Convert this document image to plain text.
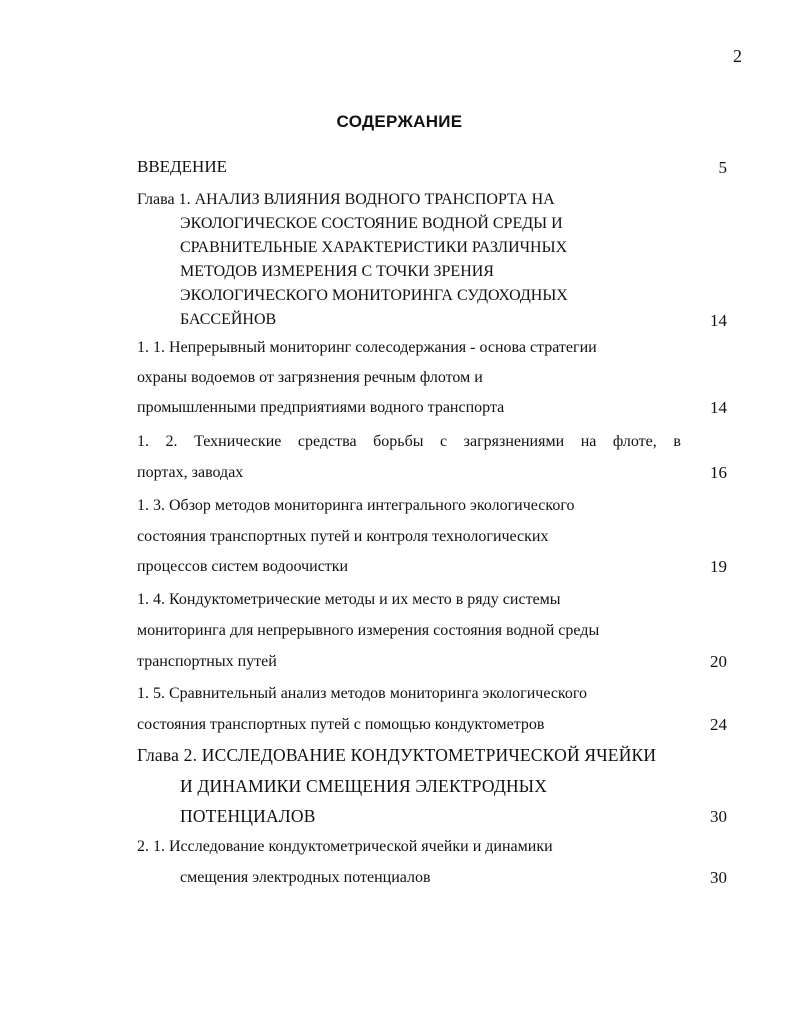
2
СОДЕРЖАНИЕ
ВВЕДЕНИЕ	5
Глава 1. АНАЛИЗ ВЛИЯНИЯ ВОДНОГО ТРАНСПОРТА НА
ЭКОЛОГИЧЕСКОЕ СОСТОЯНИЕ ВОДНОЙ СРЕДЫ И
СРАВНИТЕЛЬНЫЕ ХАРАКТЕРИСТИКИ РАЗЛИЧНЫХ
МЕТОДОВ ИЗМЕРЕНИЯ С ТОЧКИ ЗРЕНИЯ
ЭКОЛОГИЧЕСКОГО МОНИТОРИНГА СУДОХОДНЫХ
БАССЕЙНОВ	14
1. 1. Непрерывный мониторинг солесодержания - основа стратегии
охраны водоемов от загрязнения речным флотом и
промышленными предприятиями водного транспорта	14
1. 2. Технические средства борьбы с загрязнениями на флоте, в
портах, заводах	16
1. 3. Обзор методов мониторинга интегрального экологического
состояния транспортных путей и контроля технологических
процессов систем водоочистки	19
1. 4. Кондуктометрические методы и их место в ряду системы
мониторинга для непрерывного измерения состояния водной среды
транспортных путей	20
1. 5. Сравнительный анализ методов мониторинга экологического
состояния транспортных путей с помощью кондуктометров	24
Глава 2. ИССЛЕДОВАНИЕ КОНДУКТОМЕТРИЧЕСКОЙ ЯЧЕЙКИ
И ДИНАМИКИ СМЕЩЕНИЯ ЭЛЕКТРОДНЫХ
ПОТЕНЦИАЛОВ	30
2. 1. Исследование кондуктометрической ячейки и динамики
смещения электродных потенциалов	30
